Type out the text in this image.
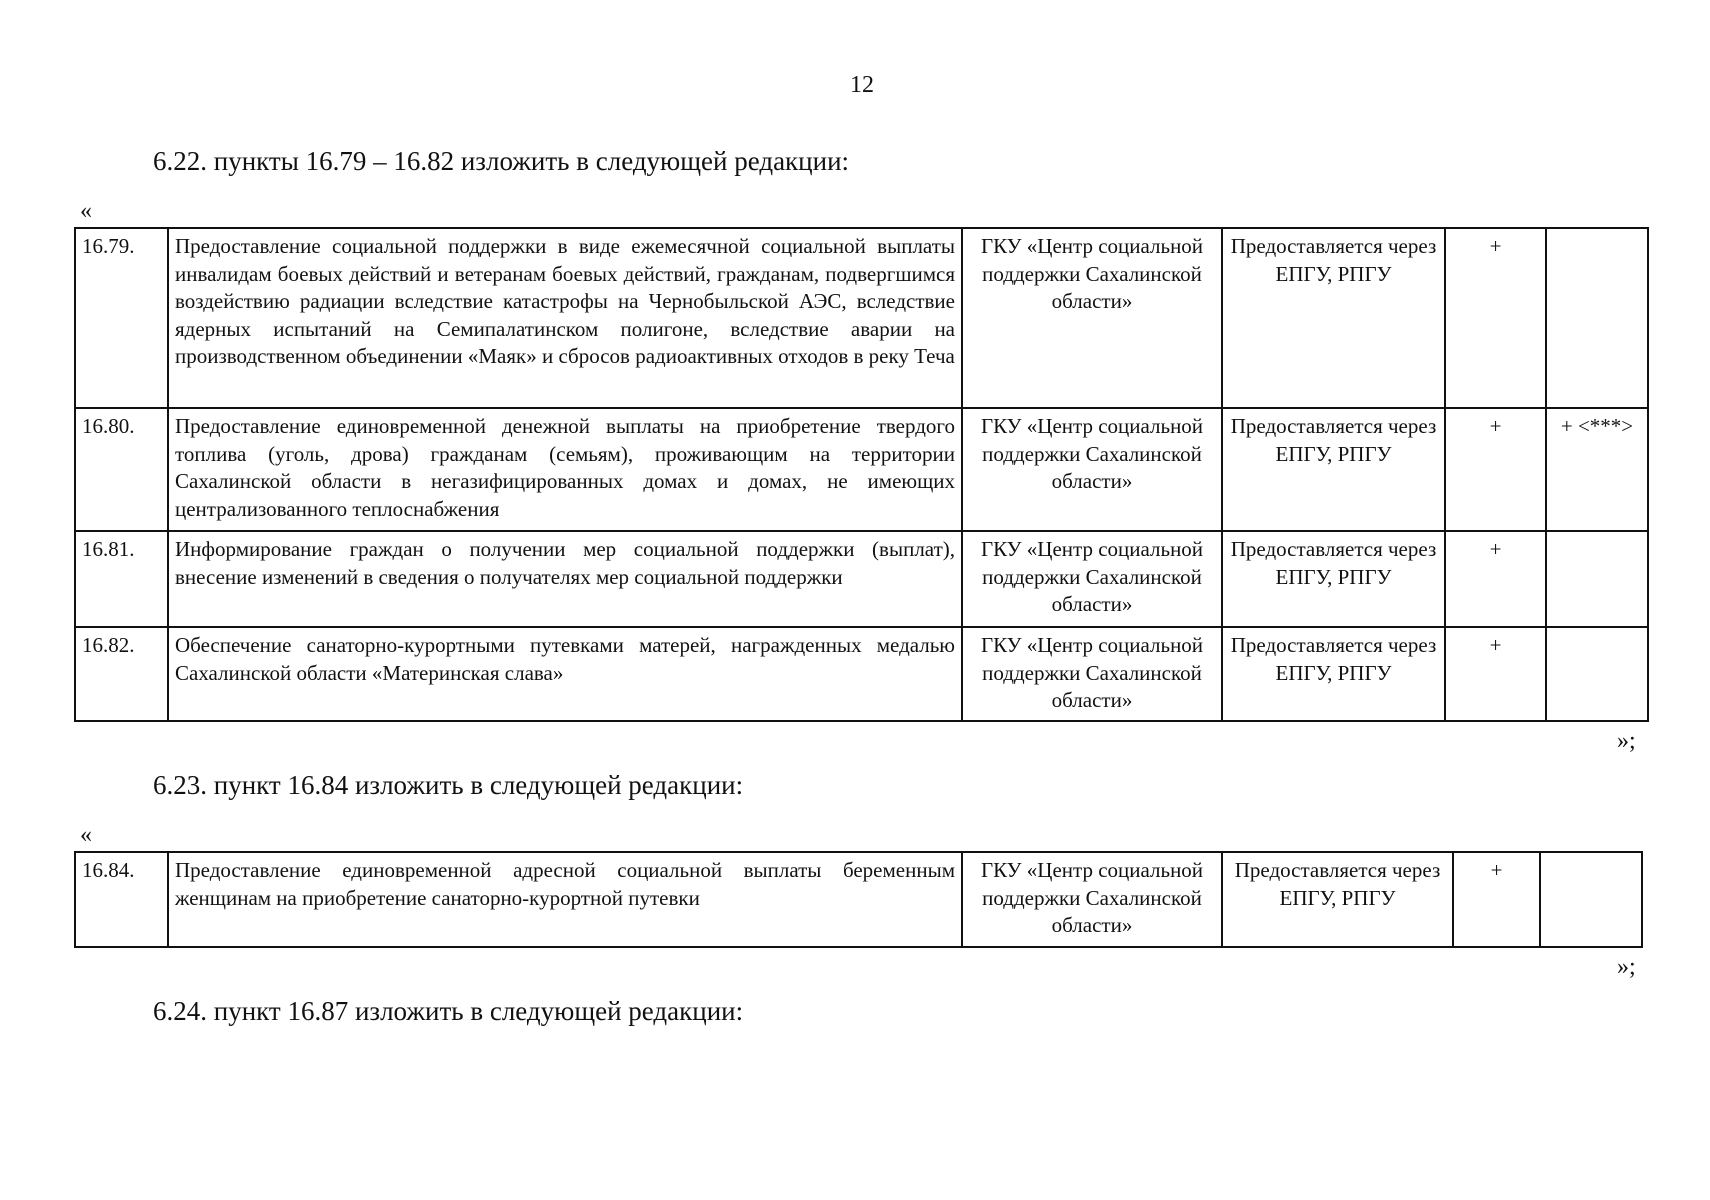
12
6.22. пункты 16.79 – 16.82 изложить в следующей редакции:
«
16.79.	Предоставление социальной поддержки в виде ежемесячной социальной выплаты инвалидам боевых действий и ветеранам боевых действий, гражданам, подвергшимся воздействию радиации вследствие катастрофы на Чернобыльской АЭС, вследствие ядерных испытаний на Семипалатинском полигоне, вследствие аварии на производственном объединении «Маяк» и сбросов радиоактивных отходов в реку Теча	ГКУ «Центр социальной поддержки Сахалинской области»	Предоставляется через ЕПГУ, РПГУ	+	
16.80.	Предоставление единовременной денежной выплаты на приобретение твердого топлива (уголь, дрова) гражданам (семьям), проживающим на территории Сахалинской области в негазифицированных домах и домах, не имеющих централизованного теплоснабжения	ГКУ «Центр социальной поддержки Сахалинской области»	Предоставляется через ЕПГУ, РПГУ	+	+ <***>
16.81.	Информирование граждан о получении мер социальной поддержки (выплат), внесение изменений в сведения о получателях мер социальной поддержки	ГКУ «Центр социальной поддержки Сахалинской области»	Предоставляется через ЕПГУ, РПГУ	+	
16.82.	Обеспечение санаторно-курортными путевками матерей, награжденных медалью Сахалинской области «Материнская слава»	ГКУ «Центр социальной поддержки Сахалинской области»	Предоставляется через ЕПГУ, РПГУ	+	
»;
6.23. пункт 16.84 изложить в следующей редакции:
«
16.84.	Предоставление единовременной адресной социальной выплаты беременным женщинам на приобретение санаторно-курортной путевки	ГКУ «Центр социальной поддержки Сахалинской области»	Предоставляется через ЕПГУ, РПГУ	+	
»;
6.24. пункт 16.87 изложить в следующей редакции:
